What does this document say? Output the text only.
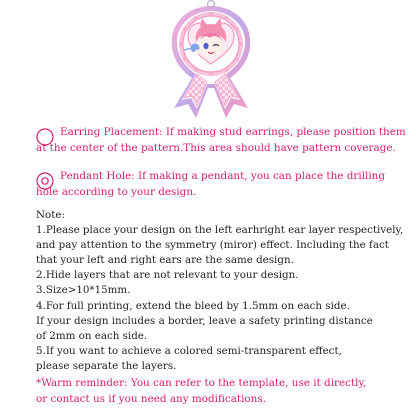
Earring Placement: If making stud earrings, please position them
at the center of the pattern.This area should have pattern coverage.
Pendant Hole: If making a pendant, you can place the drilling
hole according to your design.
Note:
1.Please place your design on the left earhright ear layer respectively,
and pay attention to the symmetry (miror) effect. Including the fact
that your left and right ears are the same design.
2.Hide layers that are not relevant to your design.
3.Size>10*15mm.
4.For full printing, extend the bleed by 1.5mm on each side.
If your design includes a border, leave a safety printing distance
of 2mm on each side.
5.If you want to achieve a colored semi-transparent effect,
please separate the layers.
*Warm reminder: You can refer to the template, use it directly,
or contact us if you need any modifications.
